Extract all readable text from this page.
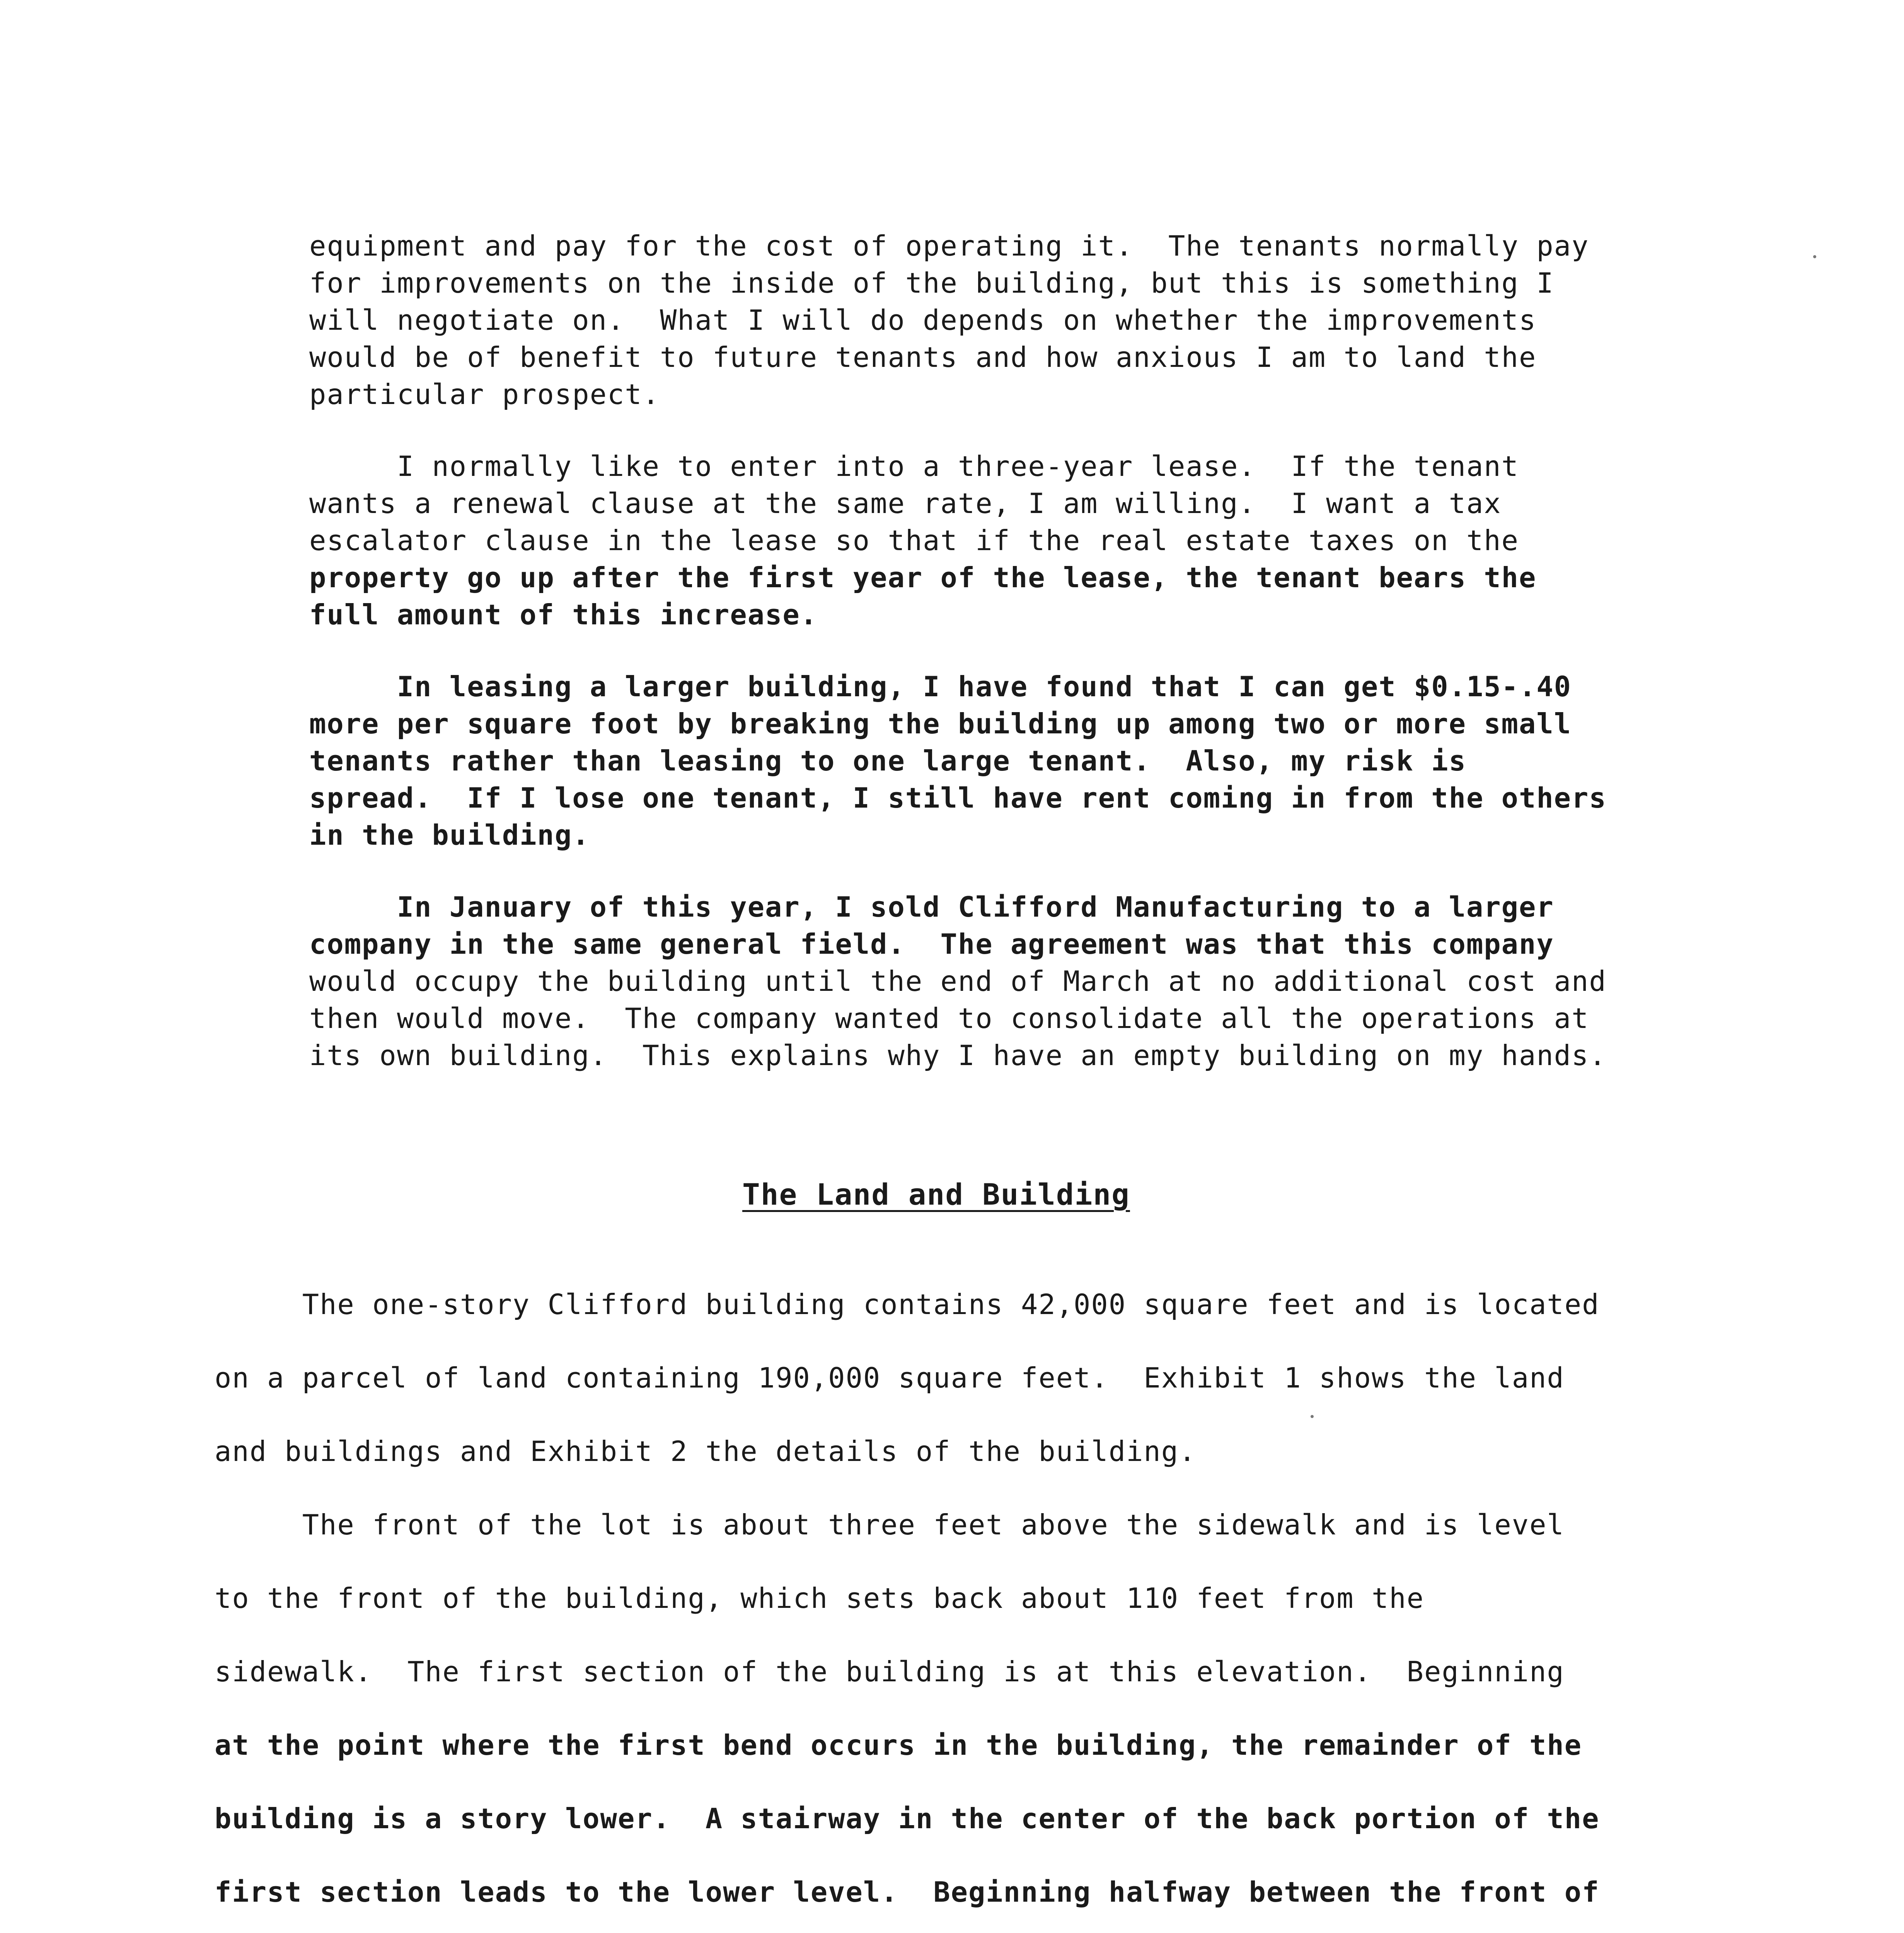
equipment and pay for the cost of operating it.  The tenants normally pay
for improvements on the inside of the building, but this is something I
will negotiate on.  What I will do depends on whether the improvements
would be of benefit to future tenants and how anxious I am to land the
particular prospect.
I normally like to enter into a three-year lease.  If the tenant
wants a renewal clause at the same rate, I am willing.  I want a tax
escalator clause in the lease so that if the real estate taxes on the
property go up after the first year of the lease, the tenant bears the
full amount of this increase.
In leasing a larger building, I have found that I can get $0.15-.40
more per square foot by breaking the building up among two or more small
tenants rather than leasing to one large tenant.  Also, my risk is
spread.  If I lose one tenant, I still have rent coming in from the others
in the building.
In January of this year, I sold Clifford Manufacturing to a larger
company in the same general field.  The agreement was that this company
would occupy the building until the end of March at no additional cost and
then would move.  The company wanted to consolidate all the operations at
its own building.  This explains why I have an empty building on my hands.
The Land and Building
The one-story Clifford building contains 42,000 square feet and is located
on a parcel of land containing 190,000 square feet.  Exhibit 1 shows the land
and buildings and Exhibit 2 the details of the building.
The front of the lot is about three feet above the sidewalk and is level
to the front of the building, which sets back about 110 feet from the
sidewalk.  The first section of the building is at this elevation.  Beginning
at the point where the first bend occurs in the building, the remainder of the
building is a story lower.  A stairway in the center of the back portion of the
first section leads to the lower level.  Beginning halfway between the front of
